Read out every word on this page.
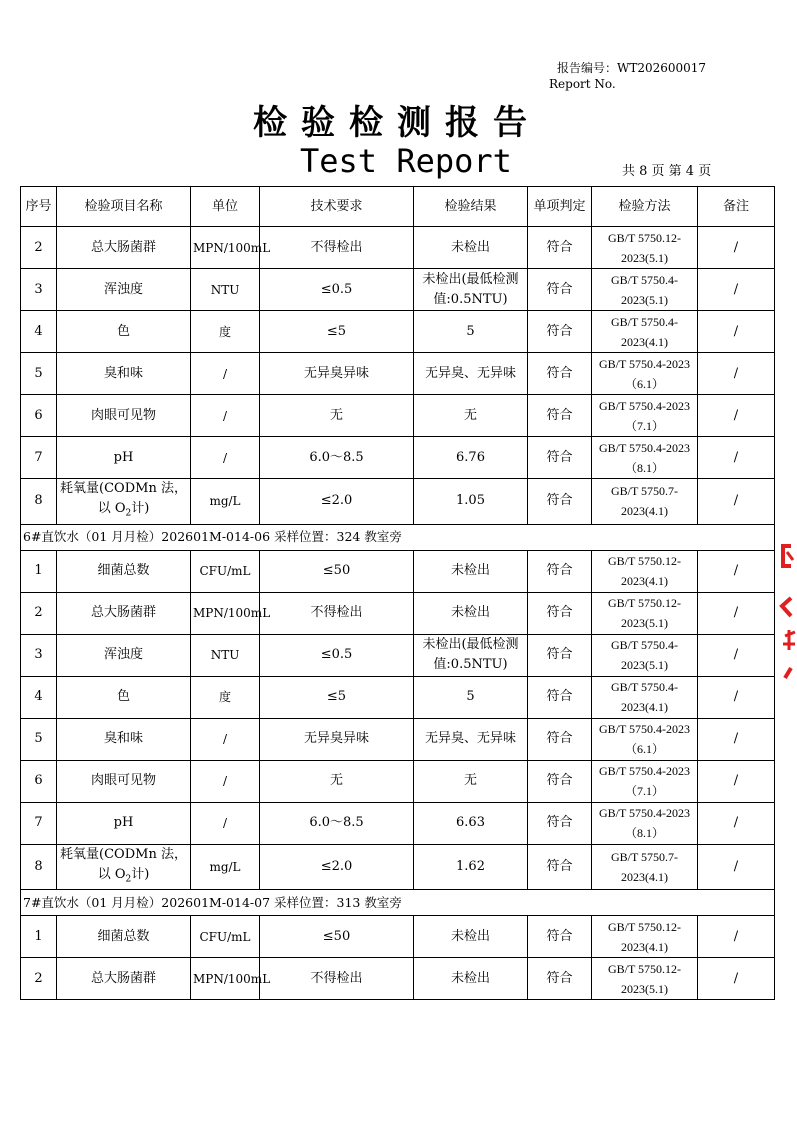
报告编号：WT202600017
Report No.
检验检测报告
Test Report	共 8 页 第 4 页
序号	检验项目名称	单位	技术要求	检验结果	单项判定	检验方法	备注
2	总大肠菌群	MPN/100mL	不得检出	未检出	符合	GB/T 5750.12-
2023(5.1)	/
3	浑浊度	NTU	≤0.5	未检出(最低检测
值:0.5NTU)	符合	GB/T 5750.4-
2023(5.1)	/
4	色	度	≤5	5	符合	GB/T 5750.4-
2023(4.1)	/
5	臭和味	/	无异臭异味	无异臭、无异味	符合	GB/T 5750.4-2023
（6.1）	/
6	肉眼可见物	/	无	无	符合	GB/T 5750.4-2023
（7.1）	/
7	pH	/	6.0～8.5	6.76	符合	GB/T 5750.4-2023
（8.1）	/
8	耗氧量(CODMn 法，
以 $O_2$计)	mg/L	≤2.0	1.05	符合	GB/T 5750.7-
2023(4.1)	/
6#直饮水（01 月月检）202601M-014-06 采样位置：324 教室旁							
1	细菌总数	CFU/mL	≤50	未检出	符合	GB/T 5750.12-
2023(4.1)	/
2	总大肠菌群	MPN/100mL	不得检出	未检出	符合	GB/T 5750.12-
2023(5.1)	/
3	浑浊度	NTU	≤0.5	未检出(最低检测
值:0.5NTU)	符合	GB/T 5750.4-
2023(5.1)	/
4	色	度	≤5	5	符合	GB/T 5750.4-
2023(4.1)	/
5	臭和味	/	无异臭异味	无异臭、无异味	符合	GB/T 5750.4-2023
（6.1）	/
6	肉眼可见物	/	无	无	符合	GB/T 5750.4-2023
（7.1）	/
7	pH	/	6.0～8.5	6.63	符合	GB/T 5750.4-2023
（8.1）	/
8	耗氧量(CODMn 法，
以 $O_2$计)	mg/L	≤2.0	1.62	符合	GB/T 5750.7-
2023(4.1)	/
7#直饮水（01 月月检）202601M-014-07 采样位置：313 教室旁							
1	细菌总数	CFU/mL	≤50	未检出	符合	GB/T 5750.12-
2023(4.1)	/
2	总大肠菌群	MPN/100mL	不得检出	未检出	符合	GB/T 5750.12-
2023(5.1)	/
